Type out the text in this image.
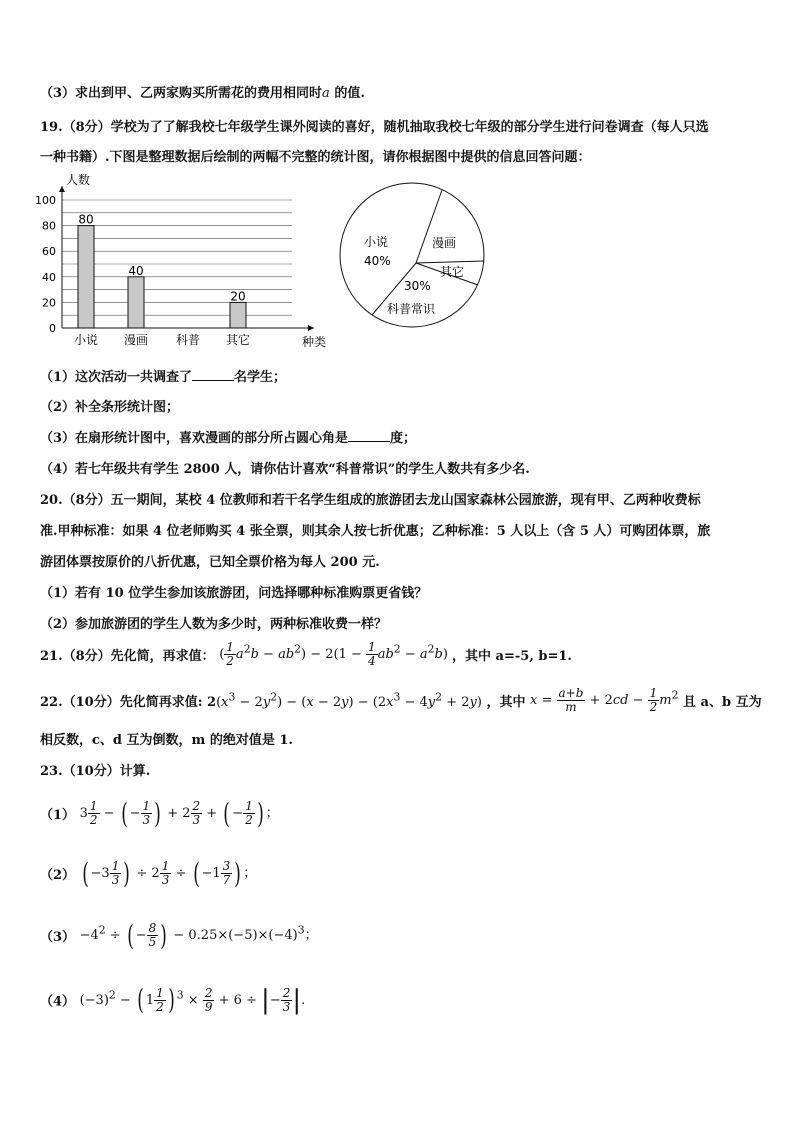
（3）求出到甲、乙两家购买所需花的费用相同时a 的值.
19.（8分）学校为了了解我校七年级学生课外阅读的喜好，随机抽取我校七年级的部分学生进行问卷调查（每人只选
一种书籍）.下图是整理数据后绘制的两幅不完整的统计图，请你根据图中提供的信息回答问题：
人数
种类
0
20
40
60
80
100
80
小说
40
漫画 科普
20
其它
小说
40%
漫画
其它
30%
科普常识
（1）这次活动一共调查了	名学生；
（2）补全条形统计图；
（3）在扇形统计图中，喜欢漫画的部分所占圆心角是	度；
（4）若七年级共有学生 2800 人，请你估计喜欢“科普常识”的学生人数共有多少名.
20.（8分）五一期间，某校 4 位教师和若干名学生组成的旅游团去龙山国家森林公园旅游，现有甲、乙两种收费标
准.甲种标准：如果 4 位老师购买 4 张全票，则其余人按七折优惠；乙种标准：5 人以上（含 5 人）可购团体票，旅
游团体票按原价的八折优惠，已知全票价格为每人 200 元.
（1）若有 10 位学生参加该旅游团，问选择哪种标准购票更省钱？
（2）参加旅游团的学生人数为多少时，两种标准收费一样？
21.（8分）先化简，再求值： ( $\frac{1}{2} a^2b - ab^2) - 2(1 - \frac{1}{4} ab^2 - a^2b)$ ，其中 a=-5, b=1.
22.（10分）先化简再求值: $2(x^3 - 2y^2) - (x - 2y) - (2x^3 - 4y^2 + 2y)$ ，其中 $x = \frac{a+b}{m} + 2cd - \frac{1}{2} m^2$ 且 a、b 互为
相反数，c、d 互为倒数，m 的绝对值是 1.
23.（10分）计算.
（1） $3 \frac{1}{2}$ − ( − $\frac{1}{3}$ ) + $2 \frac{2}{3}$ + ( − $\frac{1}{2}$ ) ；
（2） ( $-3 \frac{1}{3}$ ) ÷ $2 \frac{1}{3}$ ÷ ( $-1 \frac{3}{7}$ ) ；
$(3) -4^2$ ÷ ( − $\frac{8}{5}$ ) − $0.25\times(-5)\times(-4)^3$；
（4） $(-3)^2$ − ( $1 \frac{1}{2}$ ) $^3 \times \frac{2}{9} + 6$ ÷ |− $\frac{2}{3}$ |.
